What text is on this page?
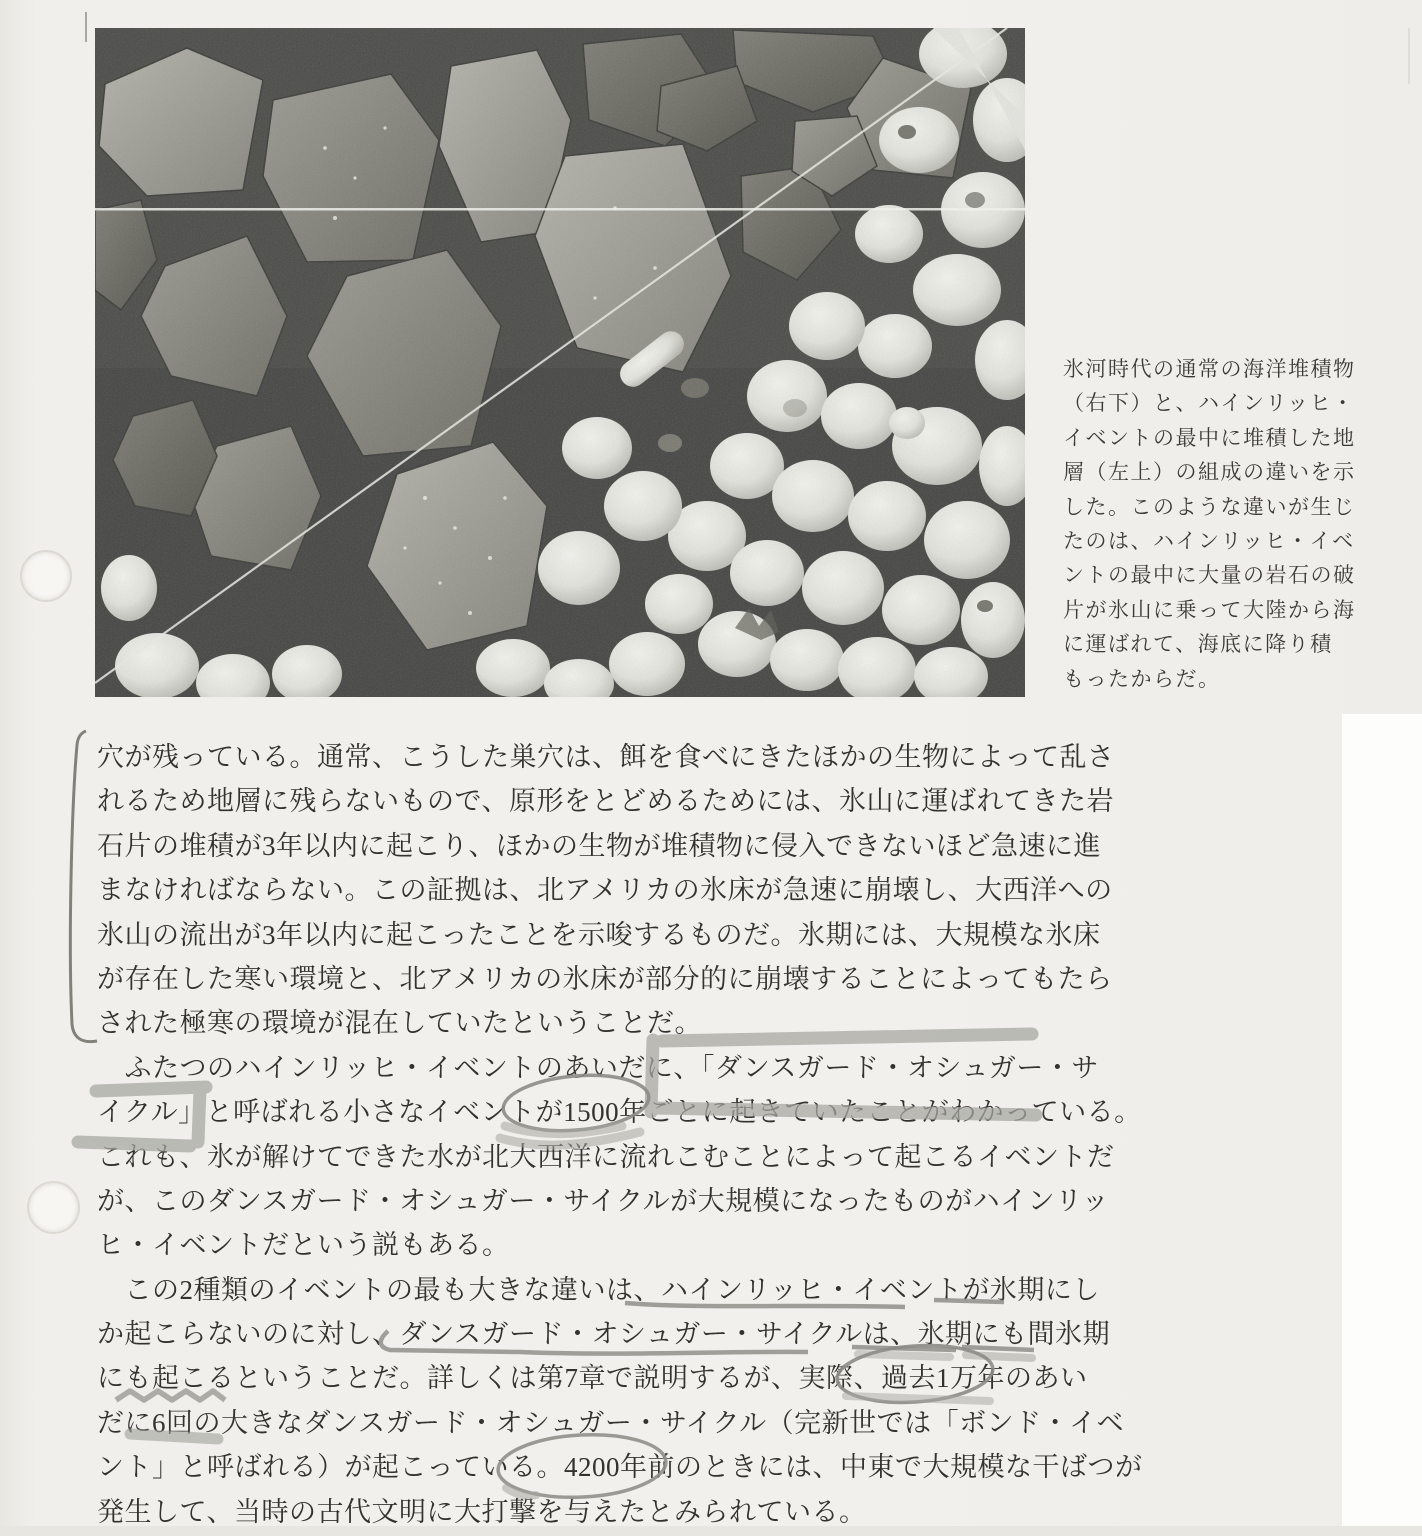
氷河時代の通常の海洋堆積物
（右下）と、ハインリッヒ・
イベントの最中に堆積した地
層（左上）の組成の違いを示
した。このような違いが生じ
たのは、ハインリッヒ・イベ
ントの最中に大量の岩石の破
片が氷山に乗って大陸から海
に運ばれて、海底に降り積
もったからだ。
穴が残っている。通常、こうした巣穴は、餌を食べにきたほかの生物によって乱さ
れるため地層に残らないもので、原形をとどめるためには、氷山に運ばれてきた岩
石片の堆積が3年以内に起こり、ほかの生物が堆積物に侵入できないほど急速に進
まなければならない。この証拠は、北アメリカの氷床が急速に崩壊し、大西洋への
氷山の流出が3年以内に起こったことを示唆するものだ。氷期には、大規模な氷床
が存在した寒い環境と、北アメリカの氷床が部分的に崩壊することによってもたら
された極寒の環境が混在していたということだ。
　ふたつのハインリッヒ・イベントのあいだに、「ダンスガード・オシュガー・サ
イクル」と呼ばれる小さなイベントが1500年ごとに起きていたことがわかっている。
これも、氷が解けてできた水が北大西洋に流れこむことによって起こるイベントだ
が、このダンスガード・オシュガー・サイクルが大規模になったものがハインリッ
ヒ・イベントだという説もある。
　この2種類のイベントの最も大きな違いは、ハインリッヒ・イベントが氷期にし
か起こらないのに対し、ダンスガード・オシュガー・サイクルは、氷期にも間氷期
にも起こるということだ。詳しくは第7章で説明するが、実際、過去1万年のあい
だに6回の大きなダンスガード・オシュガー・サイクル（完新世では「ボンド・イベ
ント」と呼ばれる）が起こっている。4200年前のときには、中東で大規模な干ばつが
発生して、当時の古代文明に大打撃を与えたとみられている。
